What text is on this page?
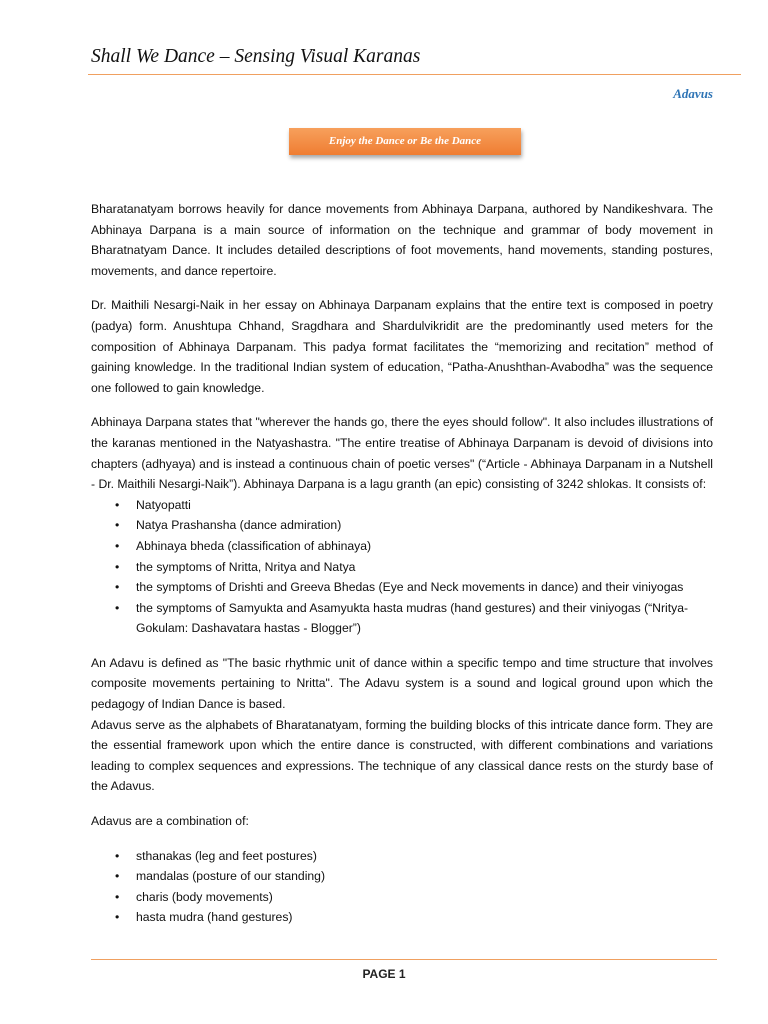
Shall We Dance – Sensing Visual Karanas
Adavus
Enjoy the Dance or Be the Dance

Bharatanatyam borrows heavily for dance movements from Abhinaya Darpana, authored by Nandikeshvara. The Abhinaya Darpana is a main source of information on the technique and grammar of body movement in Bharatnatyam Dance. It includes detailed descriptions of foot movements, hand movements, standing postures, movements, and dance repertoire.

Dr. Maithili Nesargi-Naik in her essay on Abhinaya Darpanam explains that the entire text is composed in poetry (padya) form. Anushtupa Chhand, Sragdhara and Shardulvikridit are the predominantly used meters for the composition of Abhinaya Darpanam. This padya format facilitates the “memorizing and recitation” method of gaining knowledge. In the traditional Indian system of education, “Patha-Anushthan-Avabodha” was the sequence one followed to gain knowledge.

Abhinaya Darpana states that "wherever the hands go, there the eyes should follow". It also includes illustrations of the karanas mentioned in the Natyashastra. "The entire treatise of Abhinaya Darpanam is devoid of divisions into chapters (adhyaya) and is instead a continuous chain of poetic verses" (“Article - Abhinaya Darpanam in a Nutshell - Dr. Maithili Nesargi-Naik”). Abhinaya Darpana is a lagu granth (an epic) consisting of 3242 shlokas. It consists of:

• Natyopatti
• Natya Prashansha (dance admiration)
• Abhinaya bheda (classification of abhinaya)
• the symptoms of Nritta, Nritya and Natya
• the symptoms of Drishti and Greeva Bhedas (Eye and Neck movements in dance) and their viniyogas
• the symptoms of Samyukta and Asamyukta hasta mudras (hand gestures) and their viniyogas (“Nritya-Gokulam: Dashavatara hastas - Blogger”)

An Adavu is defined as "The basic rhythmic unit of dance within a specific tempo and time structure that involves composite movements pertaining to Nritta". The Adavu system is a sound and logical ground upon which the pedagogy of Indian Dance is based.

Adavus serve as the alphabets of Bharatanatyam, forming the building blocks of this intricate dance form. They are the essential framework upon which the entire dance is constructed, with different combinations and variations leading to complex sequences and expressions. The technique of any classical dance rests on the sturdy base of the Adavus.

Adavus are a combination of:

• sthanakas (leg and feet postures)
• mandalas (posture of our standing)
• charis (body movements)
• hasta mudra (hand gestures)
PAGE 1
